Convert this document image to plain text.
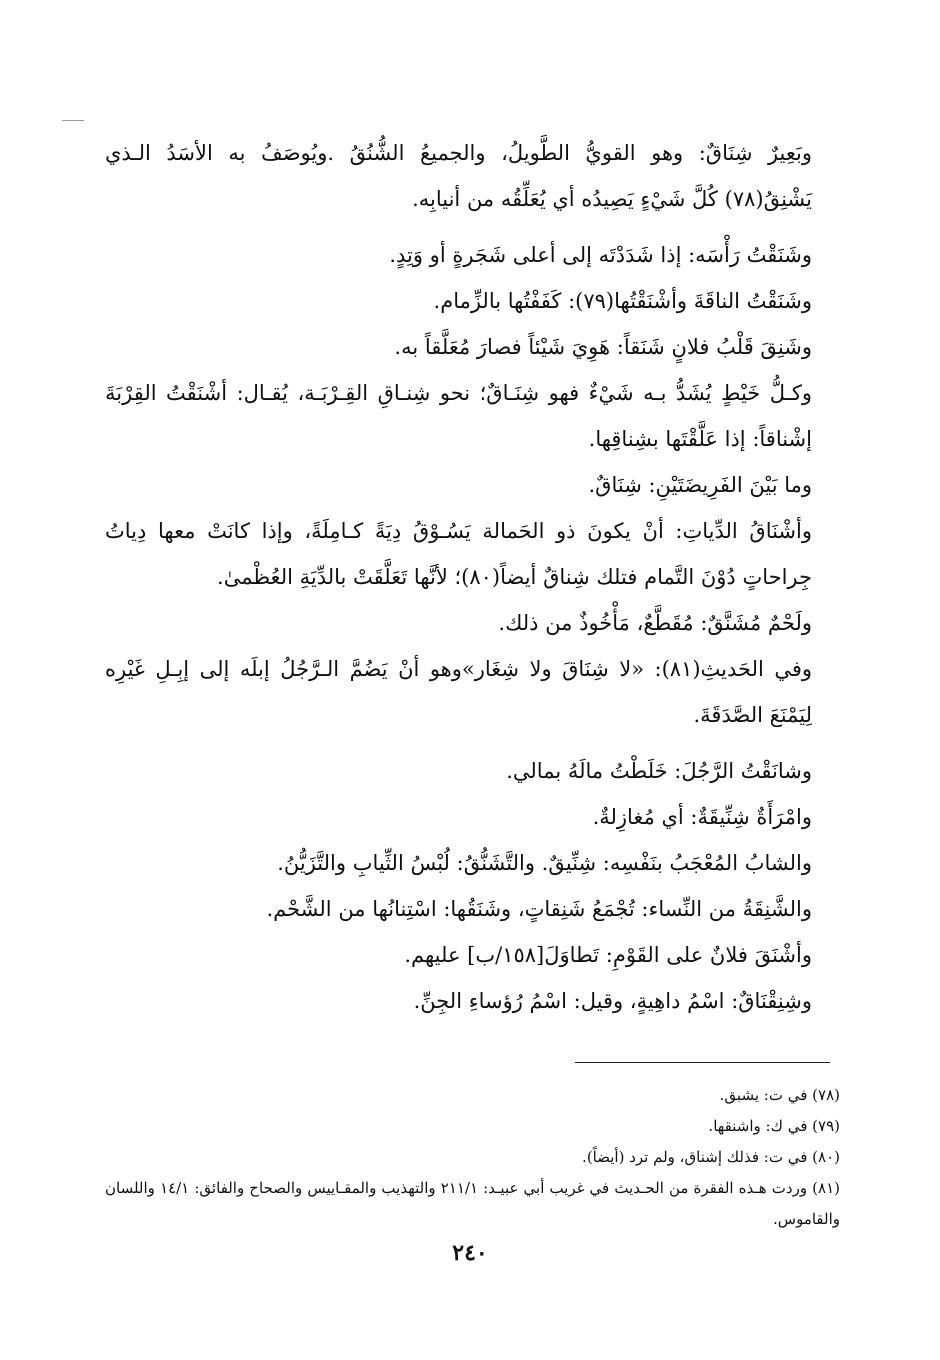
وبَعِيرٌ شِنَاقٌ: وهو القويُّ الطَّويلُ، والجميعُ الشُّنُقُ .ويُوصَفُ به الأسَدُ الـذي يَشْنِقُ(٧٨) كُلَّ شَيْءٍ يَصِيدُه أي يُعَلِّقُه من أنيابِه.

وشَنَقْتُ رَأْسَه: إذا شَدَدْتَه إلى أعلى شَجَرةٍ أو وَتِدٍ.

وشَنَقْتُ الناقَةَ وأشْنَقْتُها(٧٩): كَفَفْتُها بالزِّمام.

وشَنِقَ قَلْبُ فلانٍ شَنَقاً: هَوِيَ شَيْئاً فصارَ مُعَلَّقاً به.

وكـلُّ خَيْطٍ يُشَدُّ بـه شَيْءٌ فهو شِنَـاقٌ؛ نحو شِنـاقِ القِـرْبَـة، يُقـال: أشْنَقْتُ القِرْبَةَ إشْناقاً: إذا عَلَّقْتَها بشِناقِها.

وما بَيْنَ الفَرِيضَتَيْنِ: شِنَاقٌ.

وأشْنَاقُ الدِّياتِ: أنْ يكونَ ذو الحَمالة يَسُـوْقُ دِيَةً كـامِلَةً، وإذا كانَتْ معها دِياتُ جِراحاتٍ دُوْنَ التَّمام فتلك شِناقٌ أيضاً(٨٠)؛ لأنَّها تَعَلَّقَتْ بالدِّيَةِ العُظْمىٰ.

ولَحْمٌ مُشَنَّقٌ: مُقَطَّعٌ، مَأْخُوذٌ من ذلك.

وفي الحَديثِ(٨١): «لا شِنَاقَ ولا شِغَار»وهو أنْ يَضُمَّ الـرَّجُلُ إبلَه إلى إبِـلِ غَيْرِه لِيَمْنَعَ الصَّدَقَةَ.

وشانَقْتُ الرَّجُلَ: خَلَطْتُ مالَهُ بمالي.

وامْرَأَةٌ شِنِّيقَةٌ: أي مُغازِلةٌ.

والشابُ المُعْجَبُ بنَفْسِه: شِنِّيقٌ. والتَّشَنُّقُ: لُبْسُ الثِّيابِ والتَّزَيُّنُ.

والشَّنِقَةُ من النِّساء: تُجْمَعُ شَنِقاتٍ، وشَنَقُها: اسْتِنانُها من الشَّحْم.

وأشْنَقَ فلانٌ على القَوْمِ: تَطاوَلَ[١٥٨/ب] عليهم.

وشِنِقْنَاقٌ: اسْمُ داهِيةٍ، وقيل: اسْمُ رُؤساءِ الجِنِّ.

(٧٨) في ت: يشبق.

(٧٩) في ك: واشنقها.

(٨٠) في ت: فذلك إشناق، ولم ترد (أيضاً).

(٨١) وردت هـذه الفقرة من الحـديث في غريب أبي عبيـد: ٢١١/١ والتهذيب والمقـاييس والصحاح والفائق: ١٤/١ واللسان والقاموس.

٢٤٠
